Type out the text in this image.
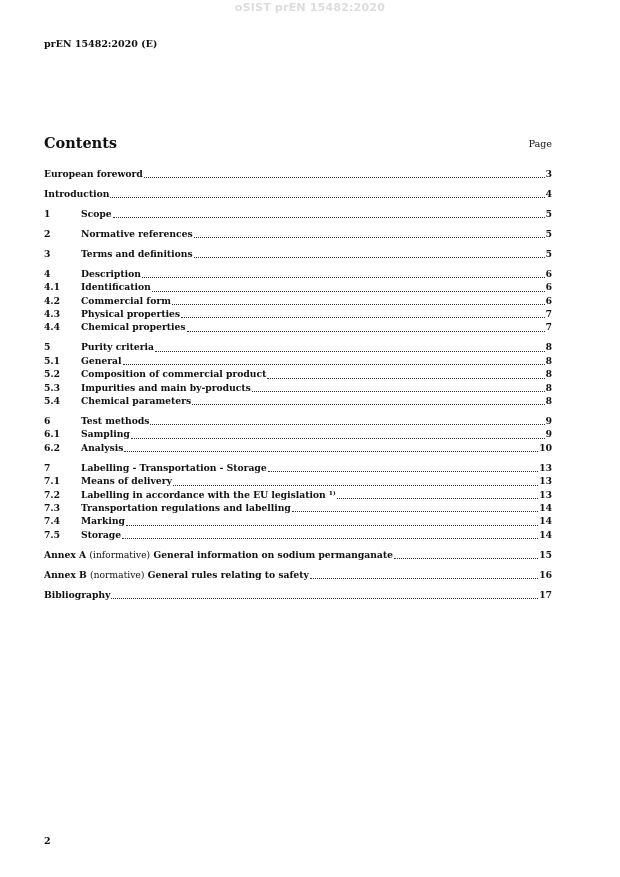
oSIST prEN 15482:2020
prEN 15482:2020 (E)
Contents	Page
European foreword	3
Introduction	4
1	Scope	5
2	Normative references	5
3	Terms and definitions	5
4	Description	6
4.1	Identification	6
4.2	Commercial form	6
4.3	Physical properties	7
4.4	Chemical properties	7
5	Purity criteria	8
5.1	General	8
5.2	Composition of commercial product	8
5.3	Impurities and main by-products	8
5.4	Chemical parameters	8
6	Test methods	9
6.1	Sampling	9
6.2	Analysis	10
7	Labelling - Transportation - Storage	13
7.1	Means of delivery	13
7.2	Labelling in accordance with the EU legislation ¹⁾	13
7.3	Transportation regulations and labelling	14
7.4	Marking	14
7.5	Storage	14
Annex A (informative) General information on sodium permanganate	15
Annex B (normative) General rules relating to safety	16
Bibliography	17
2
